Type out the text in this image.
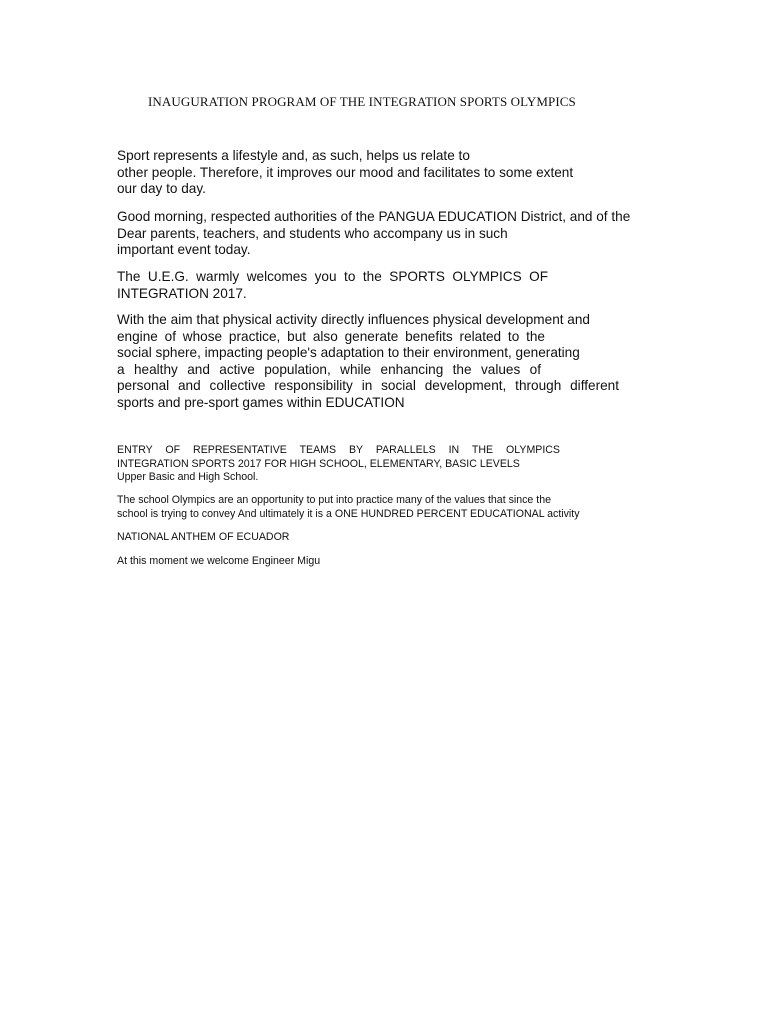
INAUGURATION PROGRAM OF THE INTEGRATION SPORTS OLYMPICS
Sport represents a lifestyle and, as such, helps us relate to
other people. Therefore, it improves our mood and facilitates to some extent
our day to day.
Good morning, respected authorities of the PANGUA EDUCATION District, and of the
Dear parents, teachers, and students who accompany us in such
important event today.
The U.E.G. warmly welcomes you to the SPORTS OLYMPICS OF
INTEGRATION 2017.
With the aim that physical activity directly influences physical development and
engine of whose practice, but also generate benefits related to the
social sphere, impacting people's adaptation to their environment, generating
a healthy and active population, while enhancing the values of
personal and collective responsibility in social development, through different
sports and pre-sport games within EDUCATION
ENTRY OF REPRESENTATIVE TEAMS BY PARALLELS IN THE OLYMPICS
INTEGRATION SPORTS 2017 FOR HIGH SCHOOL, ELEMENTARY, BASIC LEVELS
Upper Basic and High School.
The school Olympics are an opportunity to put into practice many of the values that since the
school is trying to convey And ultimately it is a ONE HUNDRED PERCENT EDUCATIONAL activity
NATIONAL ANTHEM OF ECUADOR
At this moment we welcome Engineer Migu
